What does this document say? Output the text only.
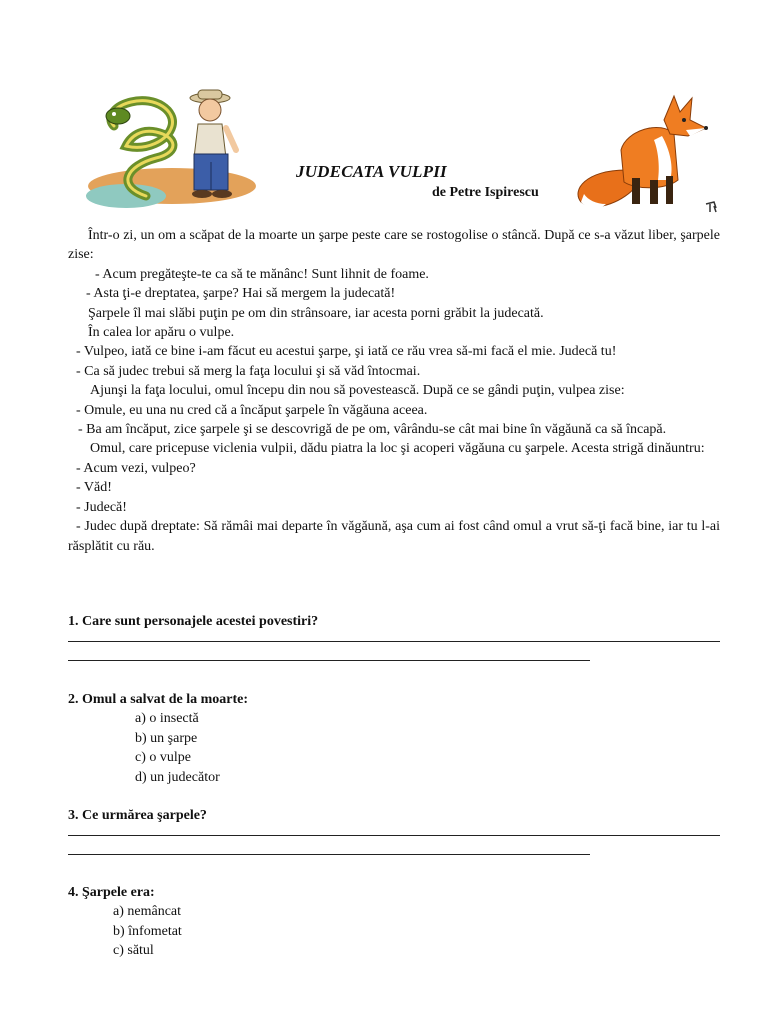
JUDECATA VULPII
de Petre Ispirescu

Într-o zi, un om a scăpat de la moarte un şarpe peste care se rostogolise o stâncă. După ce s-a văzut liber, şarpele zise:

- Acum pregăteşte-te ca să te mănânc! Sunt lihnit de foame.

- Asta ţi-e dreptatea, şarpe? Hai să mergem la judecată!

Şarpele îl mai slăbi puţin pe om din strânsoare, iar acesta porni grăbit la judecată.

În calea lor apăru o vulpe.

- Vulpeo, iată ce bine i-am făcut eu acestui şarpe, şi iată ce rău vrea să-mi facă el mie. Judecă tu!

- Ca să judec trebui să merg la faţa locului şi să văd întocmai.

Ajunşi la faţa locului, omul începu din nou să povestească. După ce se gândi puţin, vulpea zise:

- Omule, eu una nu cred că a încăput şarpele în văgăuna aceea.

- Ba am încăput, zice şarpele şi se descovrigă de pe om, vârându-se cât mai bine în văgăună ca să încapă.

Omul, care pricepuse viclenia vulpii, dădu piatra la loc şi acoperi văgăuna cu şarpele. Acesta strigă dinăuntru:

- Acum vezi, vulpeo?

- Văd!

- Judecă!

- Judec după dreptate: Să rămâi mai departe în văgăună, aşa cum ai fost când omul a vrut să-ţi facă bine, iar tu l-ai răsplătit cu rău.

1. Care sunt personajele acestei povestiri?

2. Omul a salvat de la moarte:

a) o insectă
b) un şarpe
c) o vulpe
d) un judecător

3. Ce urmărea şarpele?

4. Şarpele era:

a) nemâncat
b) înfometat
c) sătul
